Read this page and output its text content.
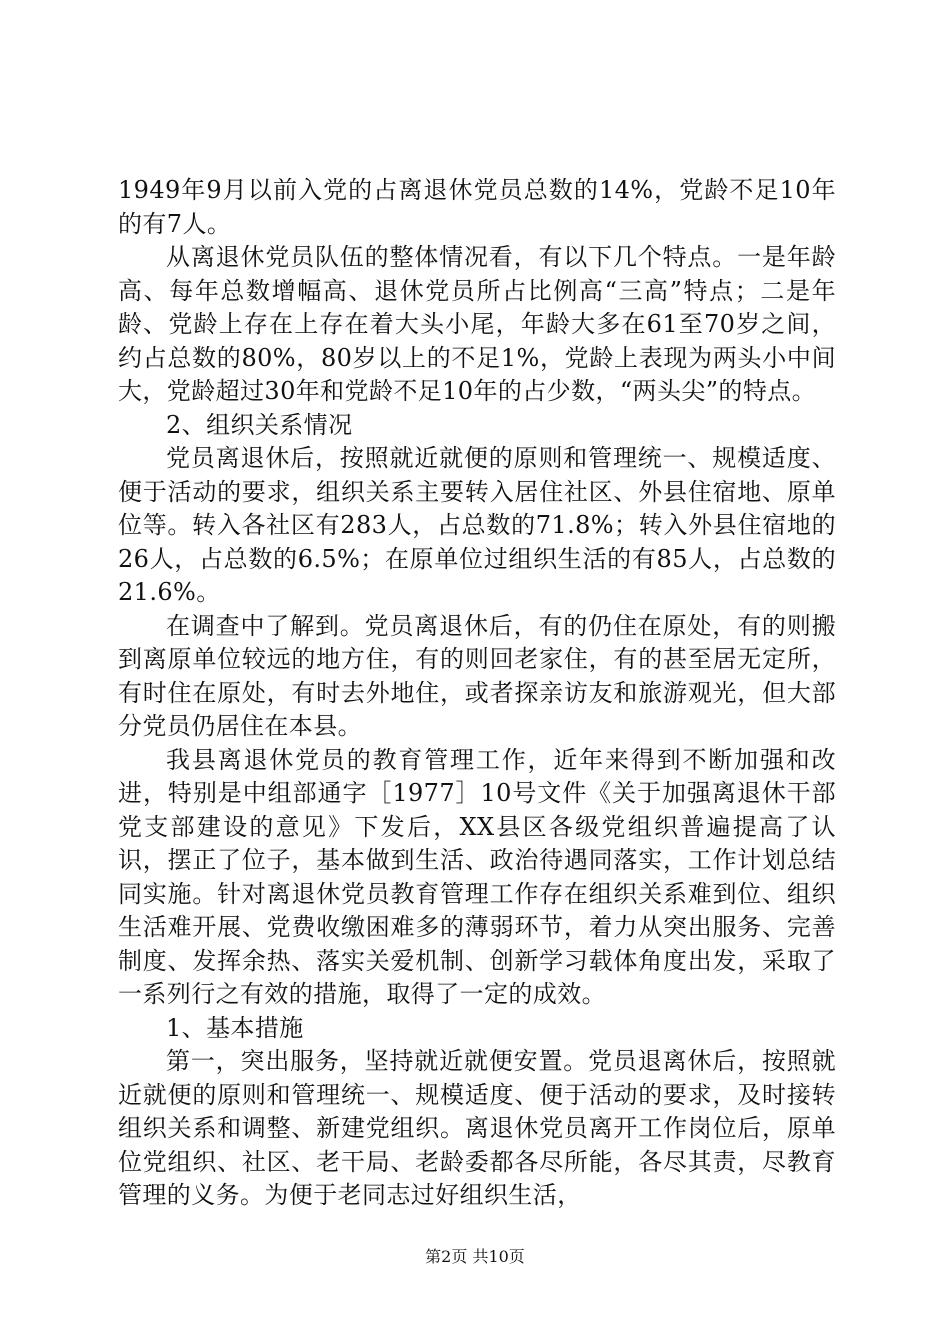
1949年9月以前入党的占离退休党员总数的14%，党龄不足10年的有7人。

从离退休党员队伍的整体情况看，有以下几个特点。一是年龄高、每年总数增幅高、退休党员所占比例高“三高”特点；二是年龄、党龄上存在上存在着大头小尾，年龄大多在61至70岁之间，约占总数的80%，80岁以上的不足1%，党龄上表现为两头小中间大，党龄超过30年和党龄不足10年的占少数，“两头尖”的特点。

2、组织关系情况

党员离退休后，按照就近就便的原则和管理统一、规模适度、便于活动的要求，组织关系主要转入居住社区、外县住宿地、原单位等。转入各社区有283人，占总数的71.8%；转入外县住宿地的26人，占总数的6.5%；在原单位过组织生活的有85人，占总数的21.6%。

在调查中了解到。党员离退休后，有的仍住在原处，有的则搬到离原单位较远的地方住，有的则回老家住，有的甚至居无定所，有时住在原处，有时去外地住，或者探亲访友和旅游观光，但大部分党员仍居住在本县。

我县离退休党员的教育管理工作，近年来得到不断加强和改进，特别是中组部通字［1977］10号文件《关于加强离退休干部党支部建设的意见》下发后，XX县区各级党组织普遍提高了认识，摆正了位子，基本做到生活、政治待遇同落实，工作计划总结同实施。针对离退休党员教育管理工作存在组织关系难到位、组织生活难开展、党费收缴困难多的薄弱环节，着力从突出服务、完善制度、发挥余热、落实关爱机制、创新学习载体角度出发，采取了一系列行之有效的措施，取得了一定的成效。

1、基本措施

第一，突出服务，坚持就近就便安置。党员退离休后，按照就近就便的原则和管理统一、规模适度、便于活动的要求，及时接转组织关系和调整、新建党组织。离退休党员离开工作岗位后，原单位党组织、社区、老干局、老龄委都各尽所能，各尽其责，尽教育管理的义务。为便于老同志过好组织生活，

第2页 共10页
